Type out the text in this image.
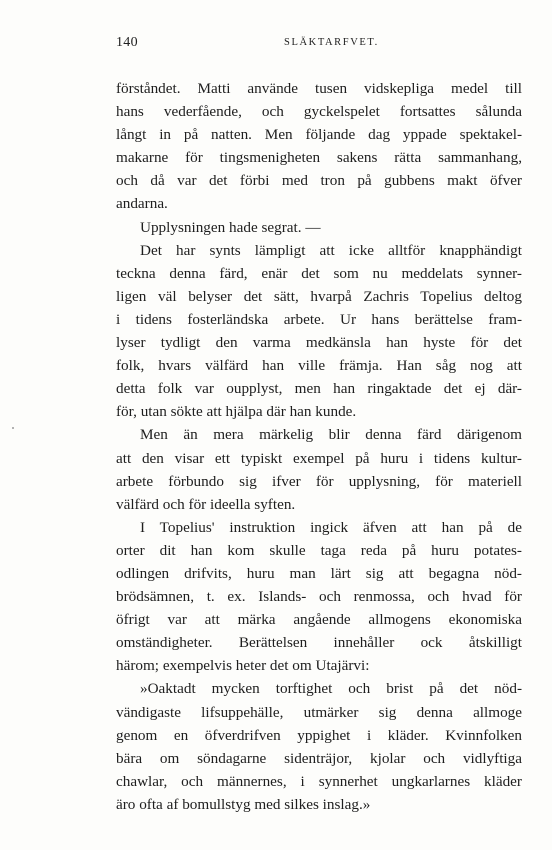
140	SLÄKTARFVET.
förståndet. Matti använde tusen vidskepliga medel till
hans vederfående, och gyckelspelet fortsattes sålunda
långt in på natten. Men följande dag yppade spektakel-
makarne för tingsmenigheten sakens rätta sammanhang,
och då var det förbi med tron på gubbens makt öfver
andarna.
Upplysningen hade segrat. —
Det har synts lämpligt att icke alltför knapphändigt
teckna denna färd, enär det som nu meddelats synner-
ligen väl belyser det sätt, hvarpå Zachris Topelius deltog
i tidens fosterländska arbete. Ur hans berättelse fram-
lyser tydligt den varma medkänsla han hyste för det
folk, hvars välfärd han ville främja. Han såg nog att
detta folk var oupplyst, men han ringaktade det ej där-
för, utan sökte att hjälpa där han kunde.
Men än mera märkelig blir denna färd därigenom
att den visar ett typiskt exempel på huru i tidens kultur-
arbete förbundo sig ifver för upplysning, för materiell
välfärd och för ideella syften.
I Topelius' instruktion ingick äfven att han på de
orter dit han kom skulle taga reda på huru potates-
odlingen drifvits, huru man lärt sig att begagna nöd-
brödsämnen, t. ex. Islands- och renmossa, och hvad för
öfrigt var att märka angående allmogens ekonomiska
omständigheter. Berättelsen innehåller ock åtskilligt
härom; exempelvis heter det om Utajärvi:
»Oaktadt mycken torftighet och brist på det nöd-
vändigaste lifsuppehälle, utmärker sig denna allmoge
genom en öfverdrifven yppighet i kläder. Kvinnfolken
bära om söndagarne sidenträjor, kjolar och vidlyftiga
chawlar, och männernes, i synnerhet ungkarlarnes kläder
äro ofta af bomullstyg med silkes inslag.»
